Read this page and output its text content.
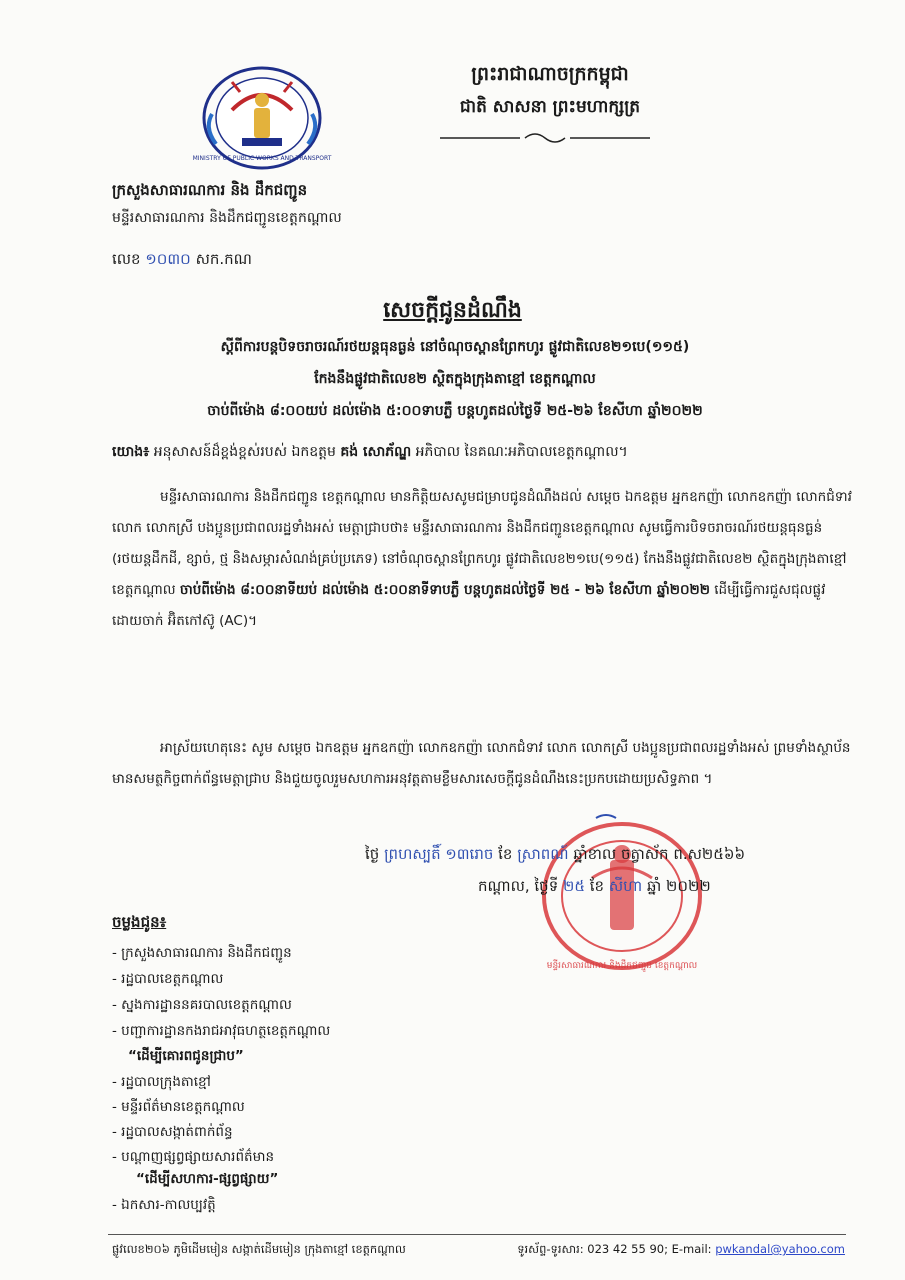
MINISTRY OF PUBLIC WORKS AND TRANSPORT
ព្រះរាជាណាចក្រកម្ពុជា
ជាតិ សាសនា ព្រះមហាក្សត្រ
ក្រសួងសាធារណការ និង ដឹកជញ្ជូន
មន្ទីរសាធារណការ និងដឹកជញ្ជូនខេត្តកណ្ដាល
លេខ ១០៣០ សក.កណ
សេចក្ដីជូនដំណឹង
ស្ដីពីការបន្ដបិទចរាចរណ៍រថយន្តធុនធ្ងន់ នៅចំណុចស្ពានព្រែកហូរ ផ្លូវជាតិលេខ២១បេ(១១៥)
កែងនឹងផ្លូវជាតិលេខ២ ស្ថិតក្នុងក្រុងតាខ្មៅ ខេត្តកណ្ដាល
ចាប់ពីម៉ោង ៨:០០យប់ ដល់ម៉ោង ៥:០០ទាបភ្លឺ បន្ដហូតដល់ថ្ងៃទី ២៥-២៦ ខែសីហា ឆ្នាំ២០២២
យោង៖ អនុសាសន៍ដ៏ខ្ពង់ខ្ពស់របស់ ឯកឧត្ដម គង់ សោភ័ណ្ឌ អភិបាល នៃគណៈអភិបាលខេត្តកណ្ដាល។
មន្ទីរសាធារណការ និងដឹកជញ្ជូន ខេត្តកណ្ដាល មានកិត្តិយសសូមជម្រាបជូនដំណឹងដល់ សម្ដេច ឯកឧត្ដម អ្នកឧកញ៉ា លោកឧកញ៉ា លោកជំទាវ លោក លោកស្រី បងប្អូនប្រជាពលរដ្ឋទាំងអស់ មេត្តាជ្រាបថា៖ មន្ទីរសាធារណការ និងដឹកជញ្ជូនខេត្តកណ្ដាល សូមធ្វើការបិទចរាចរណ៍រថយន្តធុនធ្ងន់ (រថយន្តដឹកដី, ខ្សាច់, ថ្ម និងសម្ភារសំណង់គ្រប់ប្រភេទ) នៅចំណុចស្ពានព្រែកហូរ ផ្លូវជាតិលេខ២១បេ(១១៥) កែងនឹងផ្លូវជាតិលេខ២ ស្ថិតក្នុងក្រុងតាខ្មៅ ខេត្តកណ្ដាល ចាប់ពីម៉ោង ៨:០០នាទីយប់ ដល់ម៉ោង ៥:០០នាទីទាបភ្លឺ បន្ដហូតដល់ថ្ងៃទី ២៥ - ២៦ ខែសីហា ឆ្នាំ២០២២ ដើម្បីធ្វើការជួសជុលផ្លូវដោយចាក់ អ៊ិតកៅស៊ូ (AC)។
អាស្រ័យហេតុនេះ សូម សម្ដេច ឯកឧត្ដម អ្នកឧកញ៉ា លោកឧកញ៉ា លោកជំទាវ លោក លោកស្រី បងប្អូនប្រជាពលរដ្ឋទាំងអស់ ព្រមទាំងស្ថាប័នមានសមត្ថកិច្ចពាក់ព័ន្ធមេត្តាជ្រាប និងជួយចូលរួមសហការអនុវត្តតាមខ្លឹមសារសេចក្ដីជូនដំណឹងនេះប្រកបដោយប្រសិទ្ធភាព ។
មន្ទីរសាធារណការ និងដឹកជញ្ជូន ខេត្តកណ្ដាល
ថ្ងៃ ព្រហស្បតិ៍ ១៣រោច ខែ ស្រាពណ៍ ឆ្នាំខាល ចត្វាស័ក ព.ស២៥៦៦
កណ្ដាល, ថ្ងៃទី ២៥ ខែ សីហា ឆ្នាំ ២០២២
ចម្លងជូន៖
- ក្រសួងសាធារណការ និងដឹកជញ្ជូន
- រដ្ឋបាលខេត្តកណ្ដាល
- ស្នងការដ្ឋាននគរបាលខេត្តកណ្ដាល
- បញ្ជាការដ្ឋានកងរាជអាវុធហត្ថខេត្តកណ្ដាល
“ដើម្បីគោរពជូនជ្រាប”
- រដ្ឋបាលក្រុងតាខ្មៅ
- មន្ទីរព័ត៌មានខេត្តកណ្ដាល
- រដ្ឋបាលសង្កាត់ពាក់ព័ន្ធ
- បណ្ដាញផ្សព្វផ្សាយសារព័ត៌មាន
“ដើម្បីសហការ-ផ្សព្វផ្សាយ”
- ឯកសារ-កាលប្បវត្តិ
ផ្លូវលេខ២០៦ ភូមិដើមមៀន សង្កាត់ដើមមៀន ក្រុងតាខ្មៅ ខេត្តកណ្ដាល	ទូរស័ព្ទ-ទូរសារ: 023 42 55 90; E-mail: pwkandal@yahoo.com
